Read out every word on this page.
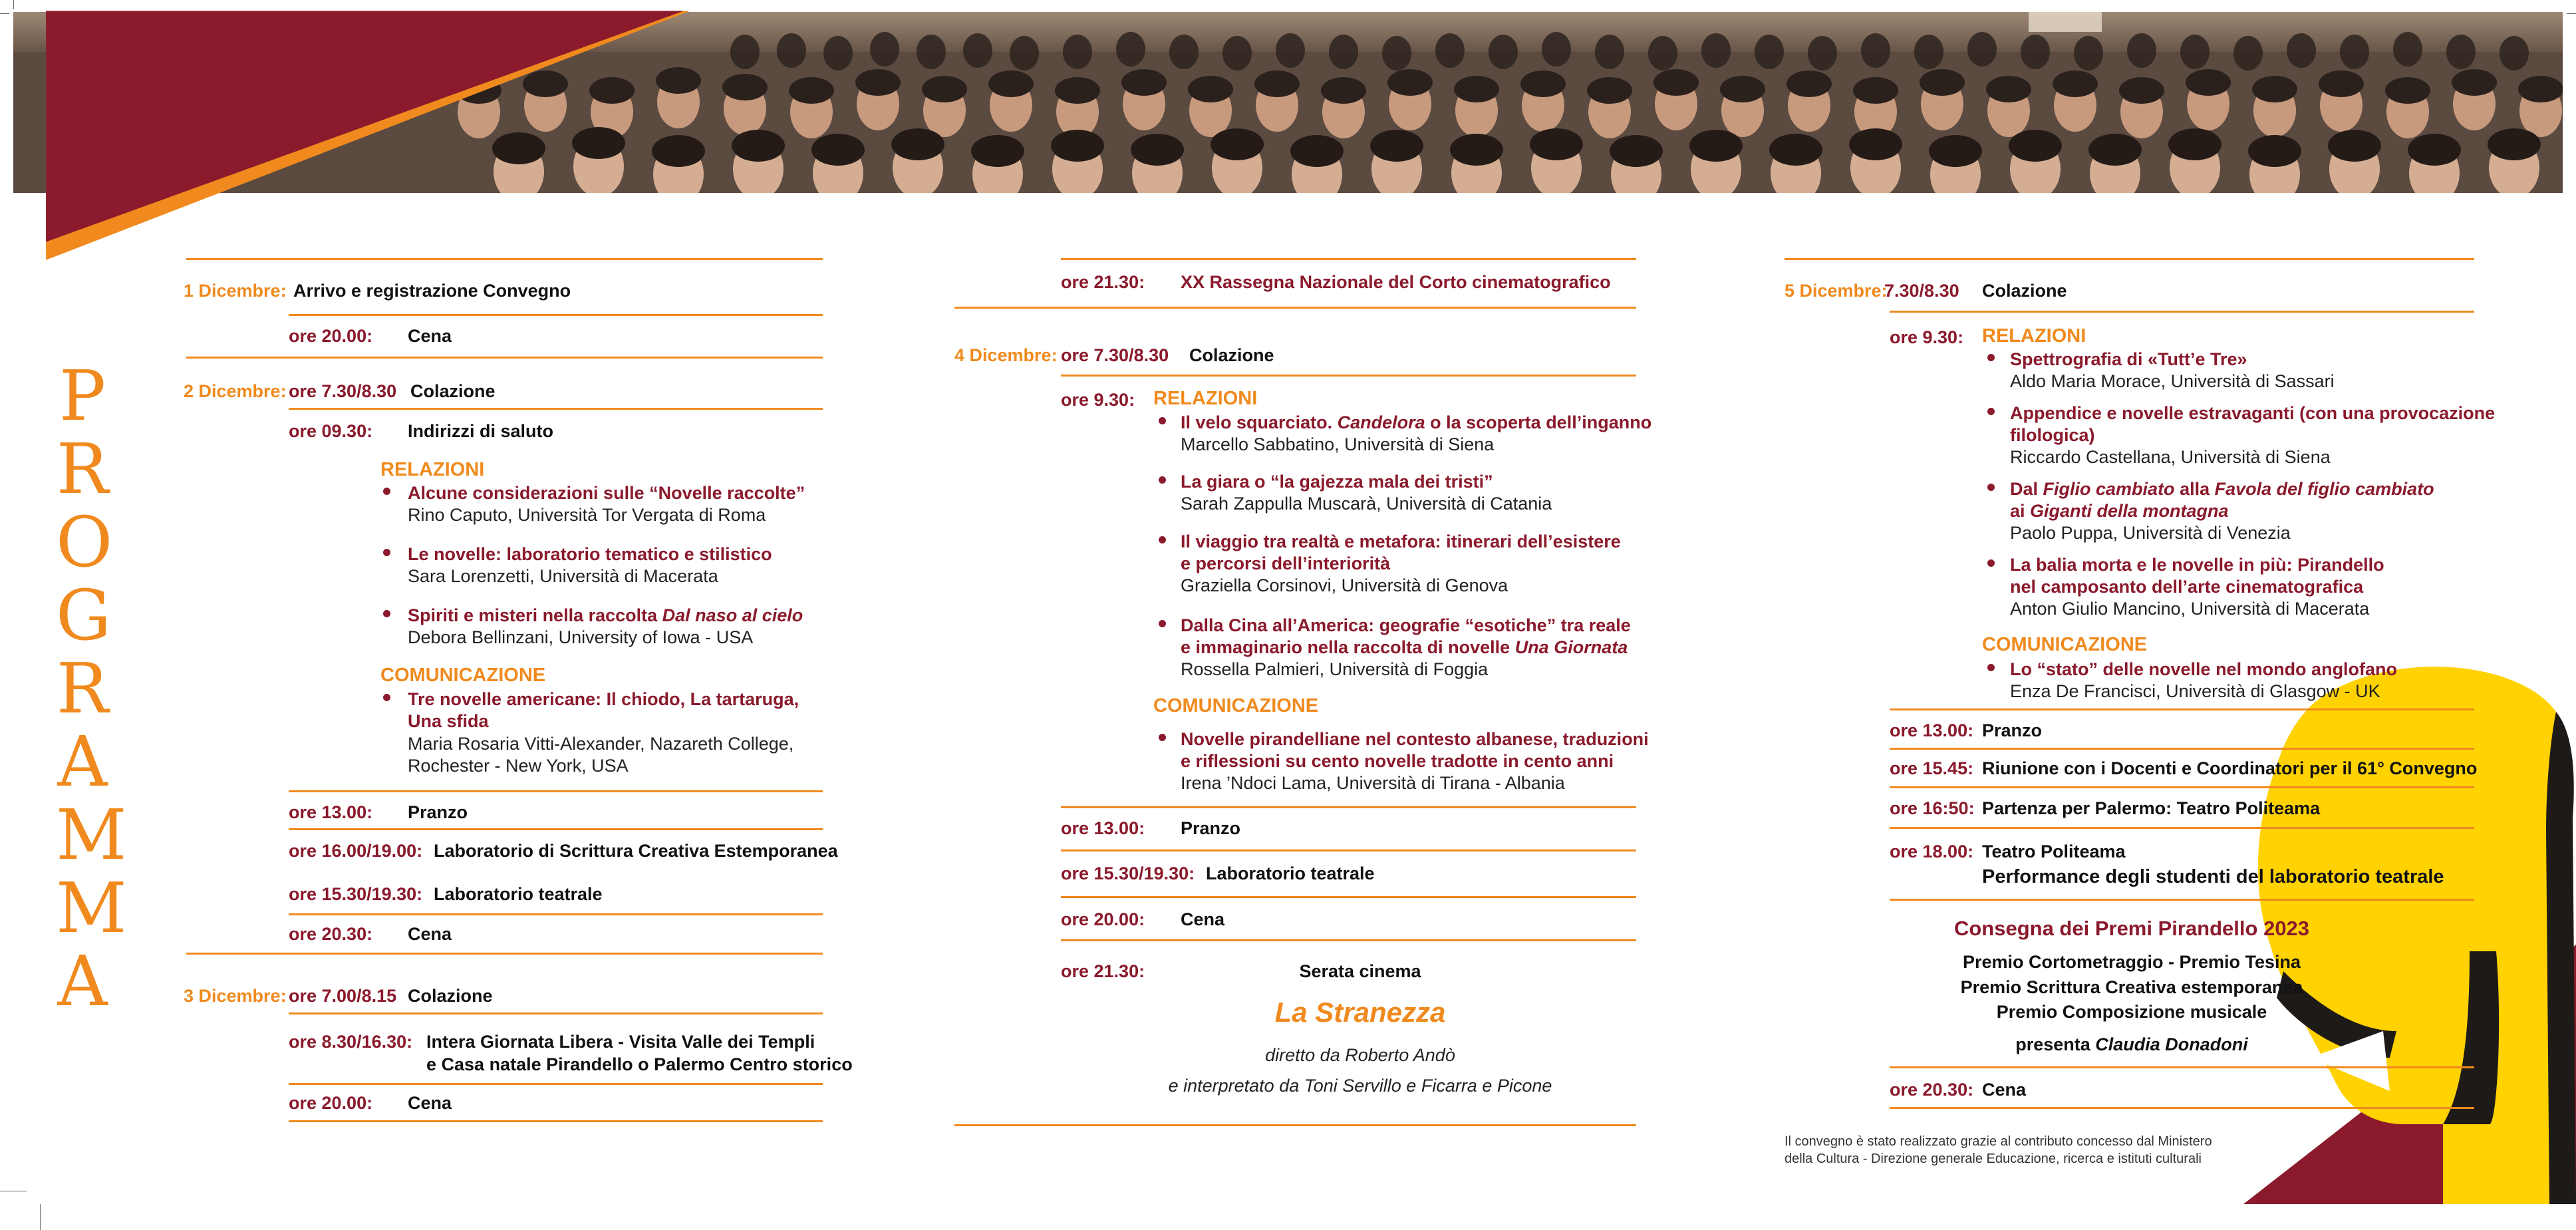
P
R
O
G
R
A
M
M
A
1 Dicembre: Arrivo e registrazione Convegno
ore 20.00: Cena
2 Dicembre: ore 7.30/8.30 Colazione
ore 09.30: Indirizzi di saluto
RELAZIONI
Alcune considerazioni sulle “Novelle raccolte”
Rino Caputo, Università Tor Vergata di Roma
Le novelle: laboratorio tematico e stilistico
Sara Lorenzetti, Università di Macerata
Spiriti e misteri nella raccolta Dal naso al cielo
Debora Bellinzani, University of Iowa - USA
COMUNICAZIONE
Tre novelle americane: Il chiodo, La tartaruga,
Una sfida
Maria Rosaria Vitti-Alexander, Nazareth College,
Rochester - New York, USA
ore 13.00: Pranzo
ore 16.00/19.00: Laboratorio di Scrittura Creativa Estemporanea
ore 15.30/19.30: Laboratorio teatrale
ore 20.30: Cena
3 Dicembre: ore 7.00/8.15 Colazione
ore 8.30/16.30: Intera Giornata Libera - Visita Valle dei Templi
e Casa natale Pirandello o Palermo Centro storico
ore 20.00: Cena
ore 21.30: XX Rassegna Nazionale del Corto cinematografico
4 Dicembre: ore 7.30/8.30 Colazione
ore 9.30: RELAZIONI
Il velo squarciato. Candelora o la scoperta dell’inganno
Marcello Sabbatino, Università di Siena
La giara o “la gajezza mala dei tristi”
Sarah Zappulla Muscarà, Università di Catania
Il viaggio tra realtà e metafora: itinerari dell’esistere
e percorsi dell’interiorità
Graziella Corsinovi, Università di Genova
Dalla Cina all’America: geografie “esotiche” tra reale
e immaginario nella raccolta di novelle Una Giornata
Rossella Palmieri, Università di Foggia
COMUNICAZIONE
Novelle pirandelliane nel contesto albanese, traduzioni
e riflessioni su cento novelle tradotte in cento anni
Irena ’Ndoci Lama, Università di Tirana - Albania
ore 13.00: Pranzo
ore 15.30/19.30: Laboratorio teatrale
ore 20.00: Cena
ore 21.30:	Serata cinema
La Stranezza
diretto da Roberto Andò
e interpretato da Toni Servillo e Ficarra e Picone
5 Dicembre:
7.30/8.30 Colazione
ore 9.30: RELAZIONI
Spettrografia di «Tutt’e Tre»
Aldo Maria Morace, Università di Sassari
Appendice e novelle estravaganti (con una provocazione
filologica)
Riccardo Castellana, Università di Siena
Dal Figlio cambiato alla Favola del figlio cambiato
ai Giganti della montagna
Paolo Puppa, Università di Venezia
La balia morta e le novelle in più: Pirandello
nel camposanto dell’arte cinematografica
Anton Giulio Mancino, Università di Macerata
COMUNICAZIONE
Lo “stato” delle novelle nel mondo anglofano
Enza De Francisci, Università di Glasgow - UK
ore 13.00: Pranzo
ore 15.45: Riunione con i Docenti e Coordinatori per il 61° Convegno
ore 16:50: Partenza per Palermo: Teatro Politeama
ore 18.00: Teatro Politeama
Performance degli studenti del laboratorio teatrale
Consegna dei Premi Pirandello 2023
Premio Cortometraggio - Premio Tesina
Premio Scrittura Creativa estemporanea
Premio Composizione musicale
presenta Claudia Donadoni
ore 20.30: Cena
Il convegno è stato realizzato grazie al contributo concesso dal Ministero
della Cultura - Direzione generale Educazione, ricerca e istituti culturali
